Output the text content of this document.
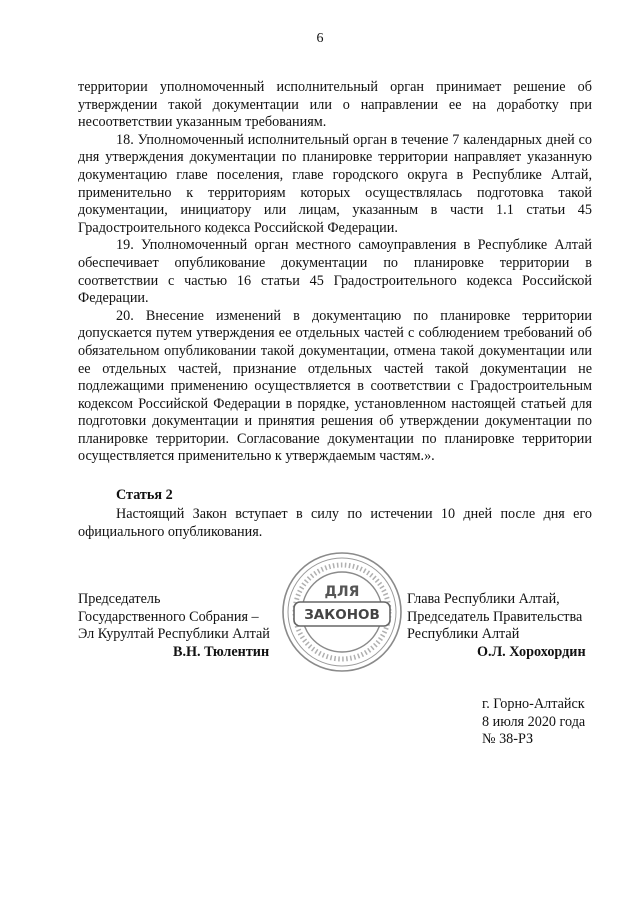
6

территории уполномоченный исполнительный орган принимает решение об утверждении такой документации или о направлении ее на доработку при несоответствии указанным требованиям.

18. Уполномоченный исполнительный орган в течение 7 календарных дней со дня утверждения документации по планировке территории направляет указанную документацию главе поселения, главе городского округа в Республике Алтай, применительно к территориям которых осуществлялась подготовка такой документации, инициатору или лицам, указанным в части 1.1 статьи 45 Градостроительного кодекса Российской Федерации.

19. Уполномоченный орган местного самоуправления в Республике Алтай обеспечивает опубликование документации по планировке территории в соответствии с частью 16 статьи 45 Градостроительного кодекса Российской Федерации.

20. Внесение изменений в документацию по планировке территории допускается путем утверждения ее отдельных частей с соблюдением требований об обязательном опубликовании такой документации, отмена такой документации или ее отдельных частей, признание отдельных частей такой документации не подлежащими применению осуществляется в соответствии с Градостроительным кодексом Российской Федерации в порядке, установленном настоящей статьей для подготовки документации и принятия решения об утверждении документации по планировке территории. Согласование документации по планировке территории осуществляется применительно к утверждаемым частям.».

Статья 2
Настоящий Закон вступает в силу по истечении 10 дней после дня его официального опубликования.
Председатель
Государственного Собрания –
Эл Курултай Республики Алтай
В.Н. Тюлентин
ДЛЯ
ЗАКОНОВ
Глава Республики Алтай,
Председатель Правительства
Республики Алтай
О.Л. Хорохордин
г. Горно-Алтайск
8 июля 2020 года
№ 38-РЗ
